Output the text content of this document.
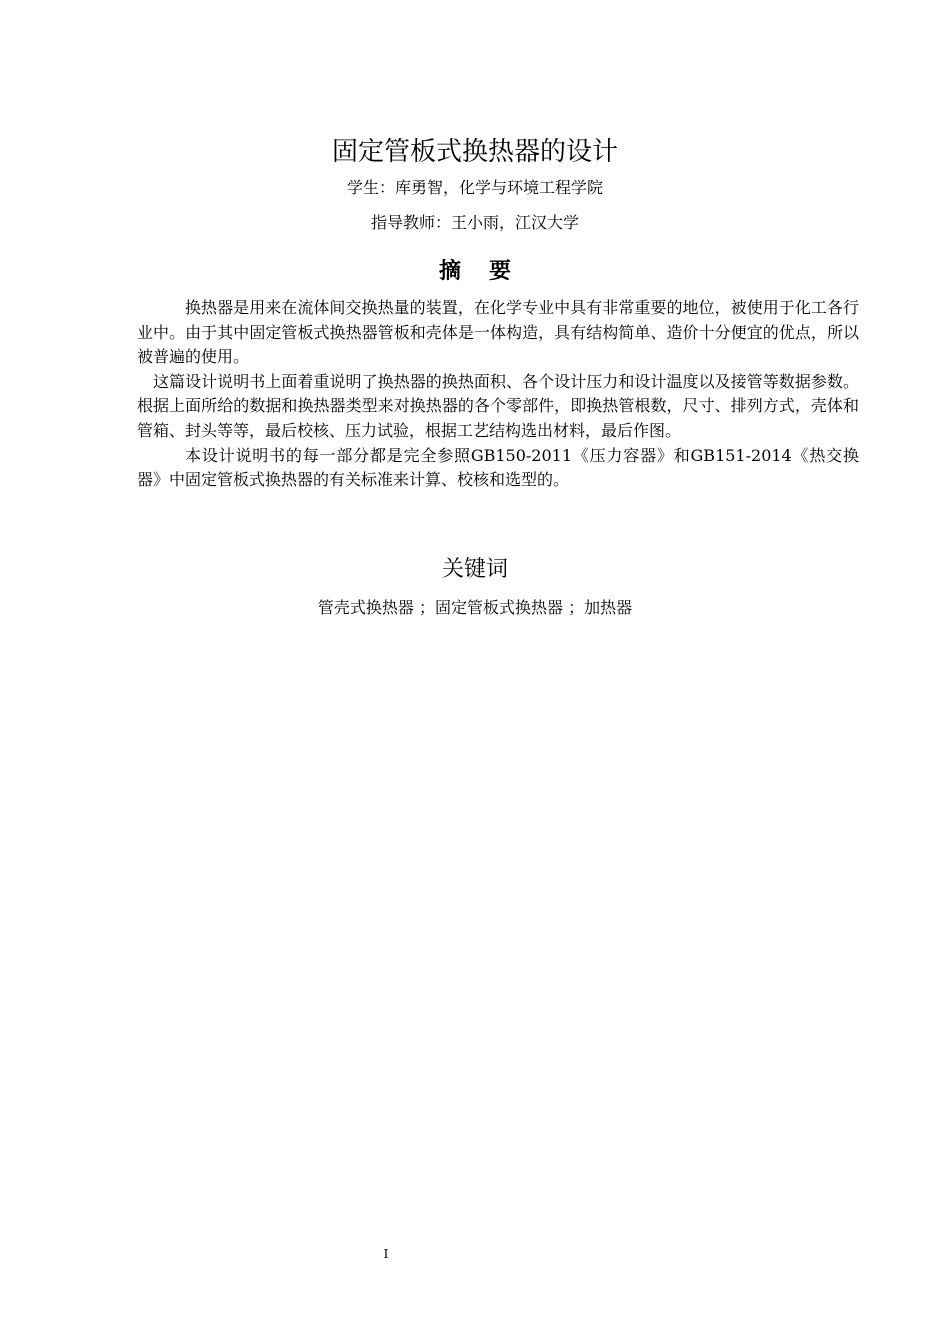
固定管板式换热器的设计

学生：库勇智，化学与环境工程学院

指导教师：王小雨，江汉大学

摘 要

换热器是用来在流体间交换热量的装置，在化学专业中具有非常重要的地位，被使用于化工各行业中。由于其中固定管板式换热器管板和壳体是一体构造，具有结构简单、造价十分便宜的优点，所以被普遍的使用。

这篇设计说明书上面着重说明了换热器的换热面积、各个设计压力和设计温度以及接管等数据参数。根据上面所给的数据和换热器类型来对换热器的各个零部件，即换热管根数，尺寸、排列方式，壳体和管箱、封头等等，最后校核、压力试验，根据工艺结构选出材料，最后作图。

本设计说明书的每一部分都是完全参照GB150-2011《压力容器》和GB151-2014《热交换器》中固定管板式换热器的有关标准来计算、校核和选型的。

关键词

管壳式换热器 ；固定管板式换热器 ；加热器

I
